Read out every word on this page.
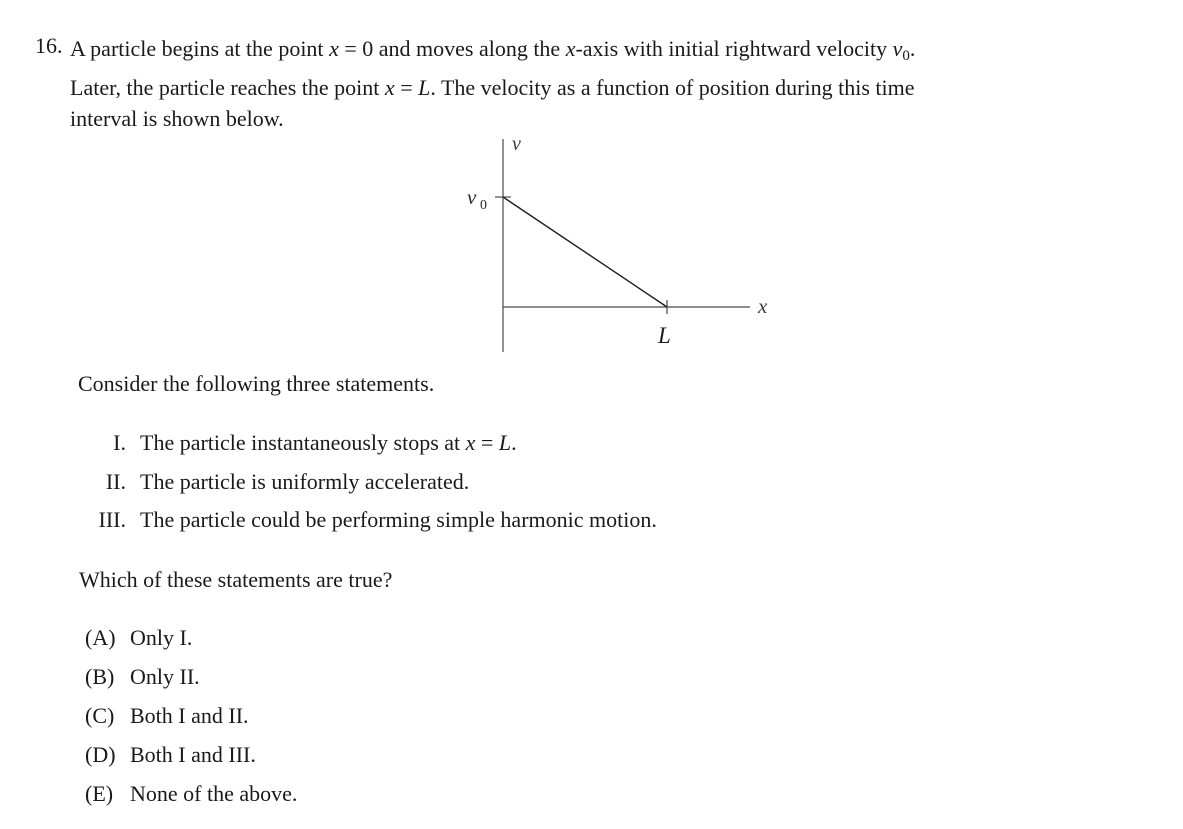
16. A particle begins at the point x = 0 and moves along the x-axis with initial rightward velocity $v_0$.
Later, the particle reaches the point x = L. The velocity as a function of position during this time
interval is shown below.
v
x
v 0
L
Consider the following three statements.
I. The particle instantaneously stops at x = L.
II. The particle is uniformly accelerated.
III. The particle could be performing simple harmonic motion.
Which of these statements are true?
(A) Only I.
(B) Only II.
(C) Both I and II.
(D) Both I and III.
(E) None of the above.
